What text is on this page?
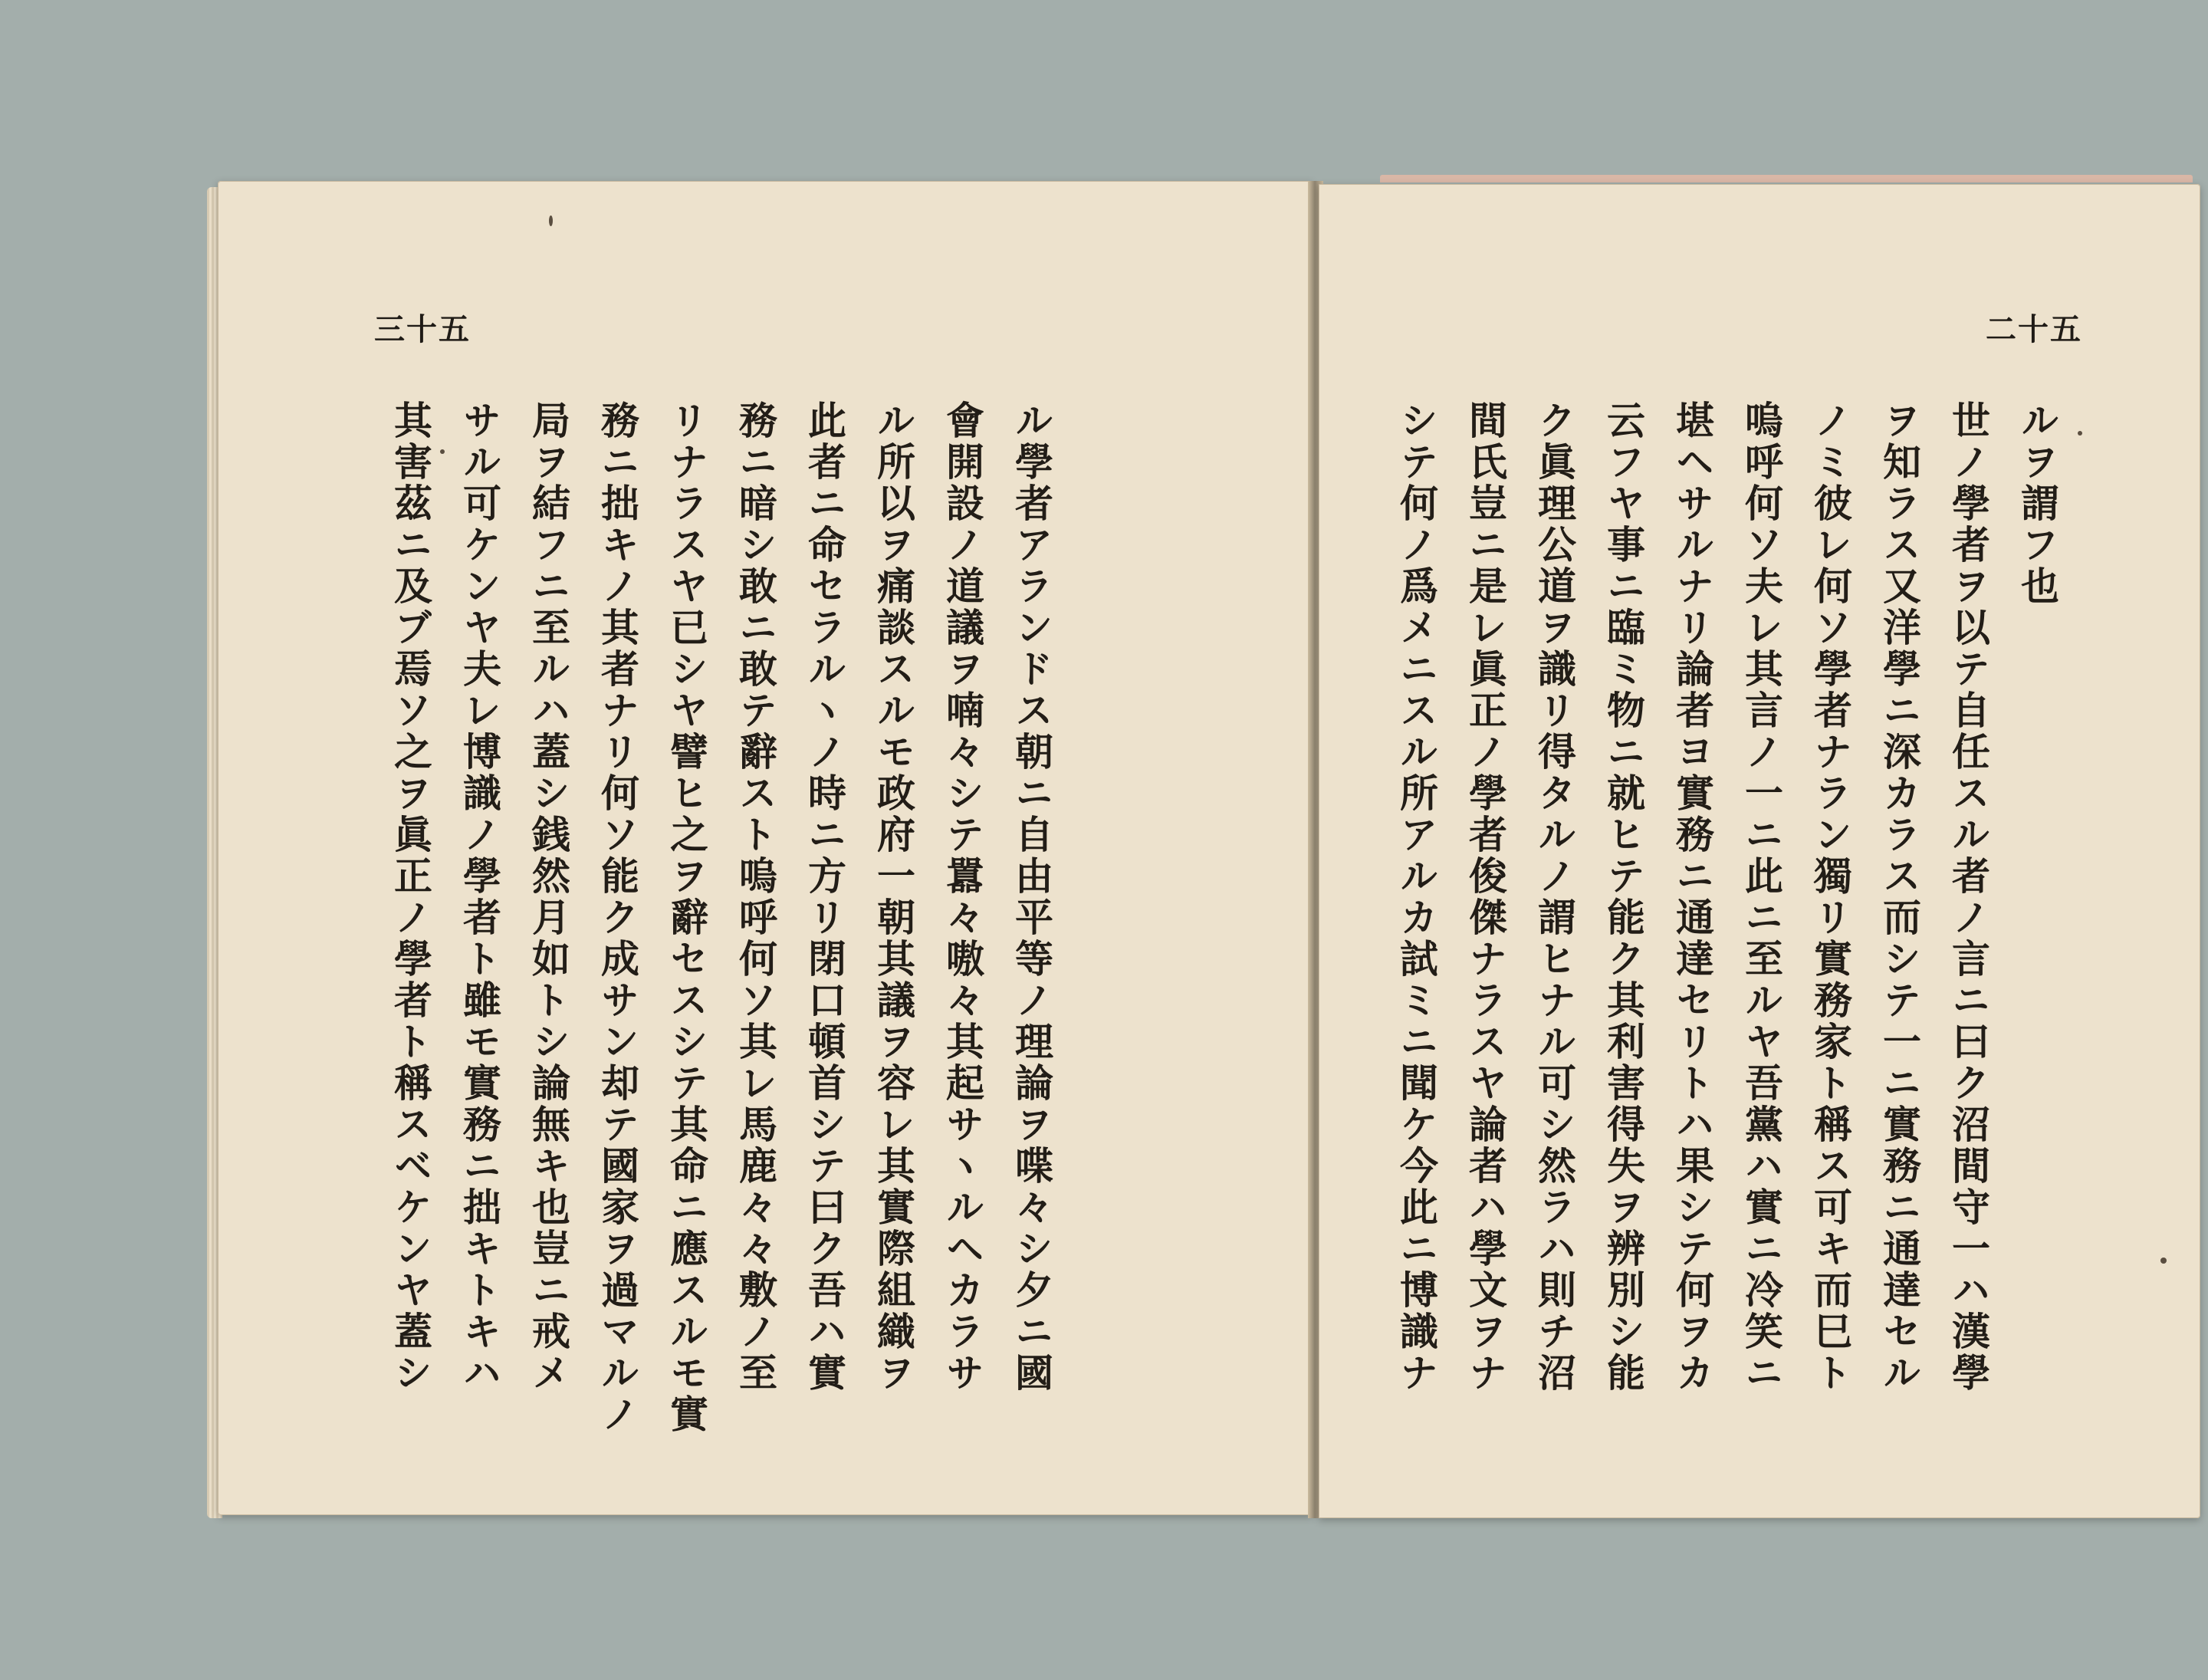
三十五
ル學者アランドス朝ニ自由平等ノ理論ヲ喋々シ夕ニ國
會開設ノ道議ヲ喃々シテ囂々嗷々其起サヽルヘカラサ
ル所以ヲ痛談スルモ政府一朝其議ヲ容レ其實際組織ヲ
此者ニ命セラルヽノ時ニ方リ閉口頓首シテ曰ク吾ハ實
務ニ暗シ敢ニ敢テ辭スト嗚呼何ソ其レ馬鹿々々敷ノ至
リナラスヤ已シヤ譬ヒ之ヲ辭セスシテ其命ニ應スルモ實
務ニ拙キノ其者ナリ何ソ能ク成サン却テ國家ヲ過マルノ
局ヲ結フニ至ルハ蓋シ銭然月如トシ論無キ也豈ニ戒メ
サル可ケンヤ夫レ博識ノ學者ト雖モ實務ニ拙キトキハ
其害茲ニ及ブ焉ソ之ヲ眞正ノ學者ト稱スベケンヤ蓋シ
二十五
ルヲ謂フ也
世ノ學者ヲ以テ自任スル者ノ言ニ曰ク沼間守一ハ漢學
ヲ知ラス又洋學ニ深カラス而シテ一ニ實務ニ通達セル
ノミ彼レ何ソ學者ナラン獨リ實務家ト稱ス可キ而巳ト
嗚呼何ソ夫レ其言ノ一ニ此ニ至ルヤ吾黨ハ實ニ冷笑ニ
堪ヘサルナリ論者ヨ實務ニ通達セリトハ果シテ何ヲカ
云フヤ事ニ臨ミ物ニ就ヒテ能ク其利害得失ヲ辨別シ能
ク眞理公道ヲ識リ得タルノ謂ヒナル可シ然ラハ則チ沼
間氏豈ニ是レ眞正ノ學者俊傑ナラスヤ論者ハ學文ヲナ
シテ何ノ爲メニスル所アルカ試ミニ聞ケ今此ニ博識ナ
